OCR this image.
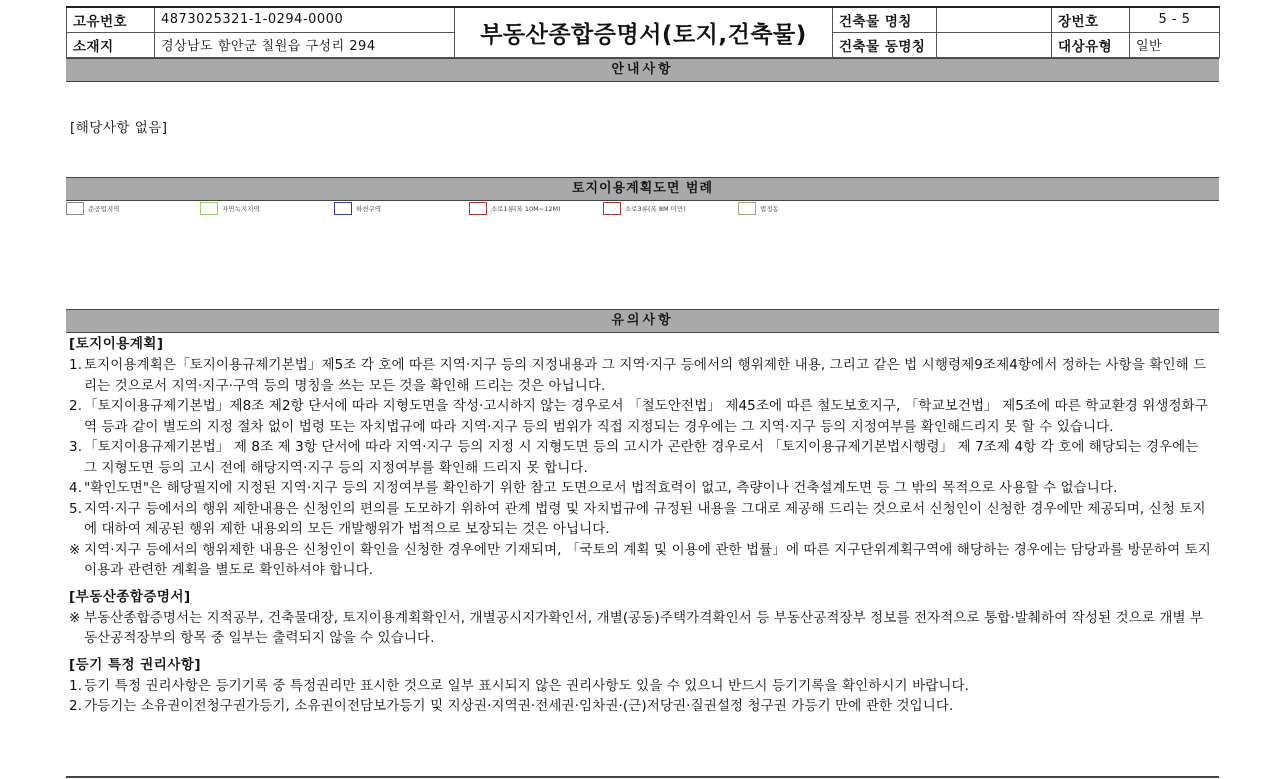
고유번호	4873025321-1-0294-0000	부동산종합증명서(토지,건축물)	건축물 명칭		장번호	5 - 5
소재지	경상남도 함안군 칠원읍 구성리 294		건축물 동명칭		대상유형	일반
안내사항
[해당사항 없음]
토지이용계획도면 범례
준공업지역	자연녹지지역	하천구역	소로1류(폭 10M~12M)	소로3류(폭 8M 미만)	법정동
유의사항
[토지이용계획]
1. 토지이용계획은「토지이용규제기본법」제5조 각 호에 따른 지역·지구 등의 지정내용과 그 지역·지구 등에서의 행위제한 내용, 그리고 같은 법 시행령제9조제4항에서 정하는 사항을 확인해 드리는 것으로서 지역·지구·구역 등의 명칭을 쓰는 모든 것을 확인해 드리는 것은 아닙니다.
2. 「토지이용규제기본법」제8조 제2항 단서에 따라 지형도면을 작성·고시하지 않는 경우로서 「철도안전법」 제45조에 따른 철도보호지구, 「학교보건법」 제5조에 따른 학교환경 위생정화구역 등과 같이 별도의 지정 절차 없이 법령 또는 자치법규에 따라 지역·지구 등의 범위가 직접 지정되는 경우에는 그 지역·지구 등의 지정여부를 확인해드리지 못 할 수 있습니다.
3. 「토지이용규제기본법」 제 8조 제 3항 단서에 따라 지역·지구 등의 지정 시 지형도면 등의 고시가 곤란한 경우로서 「토지이용규제기본법시행령」 제 7조제 4항 각 호에 해당되는 경우에는 그 지형도면 등의 고시 전에 해당지역·지구 등의 지정여부를 확인해 드리지 못 합니다.
4. "확인도면"은 해당필지에 지정된 지역·지구 등의 지정여부를 확인하기 위한 참고 도면으로서 법적효력이 없고, 측량이나 건축설계도면 등 그 밖의 목적으로 사용할 수 없습니다.
5. 지역·지구 등에서의 행위 제한내용은 신청인의 편의를 도모하기 위하여 관계 법령 및 자치법규에 규정된 내용을 그대로 제공해 드리는 것으로서 신청인이 신청한 경우에만 제공되며, 신청 토지에 대하여 제공된 행위 제한 내용외의 모든 개발행위가 법적으로 보장되는 것은 아닙니다.
※ 지역·지구 등에서의 행위제한 내용은 신청인이 확인을 신청한 경우에만 기재되며, 「국토의 계획 및 이용에 관한 법률」에 따른 지구단위계획구역에 해당하는 경우에는 담당과를 방문하여 토지이용과 관련한 계획을 별도로 확인하셔야 합니다.
[부동산종합증명서]
※ 부동산종합증명서는 지적공부, 건축물대장, 토지이용계획확인서, 개별공시지가확인서, 개별(공동)주택가격확인서 등 부동산공적장부 정보를 전자적으로 통합·발췌하여 작성된 것으로 개별 부동산공적장부의 항목 중 일부는 출력되지 않을 수 있습니다.
[등기 특정 권리사항]
1. 등기 특정 권리사항은 등기기록 중 특정권리만 표시한 것으로 일부 표시되지 않은 권리사항도 있을 수 있으니 반드시 등기기록을 확인하시기 바랍니다.
2. 가등기는 소유권이전청구권가등기, 소유권이전담보가등기 및 지상권·지역권·전세권·임차권·(근)저당권·질권설정 청구권 가등기 만에 관한 것입니다.
